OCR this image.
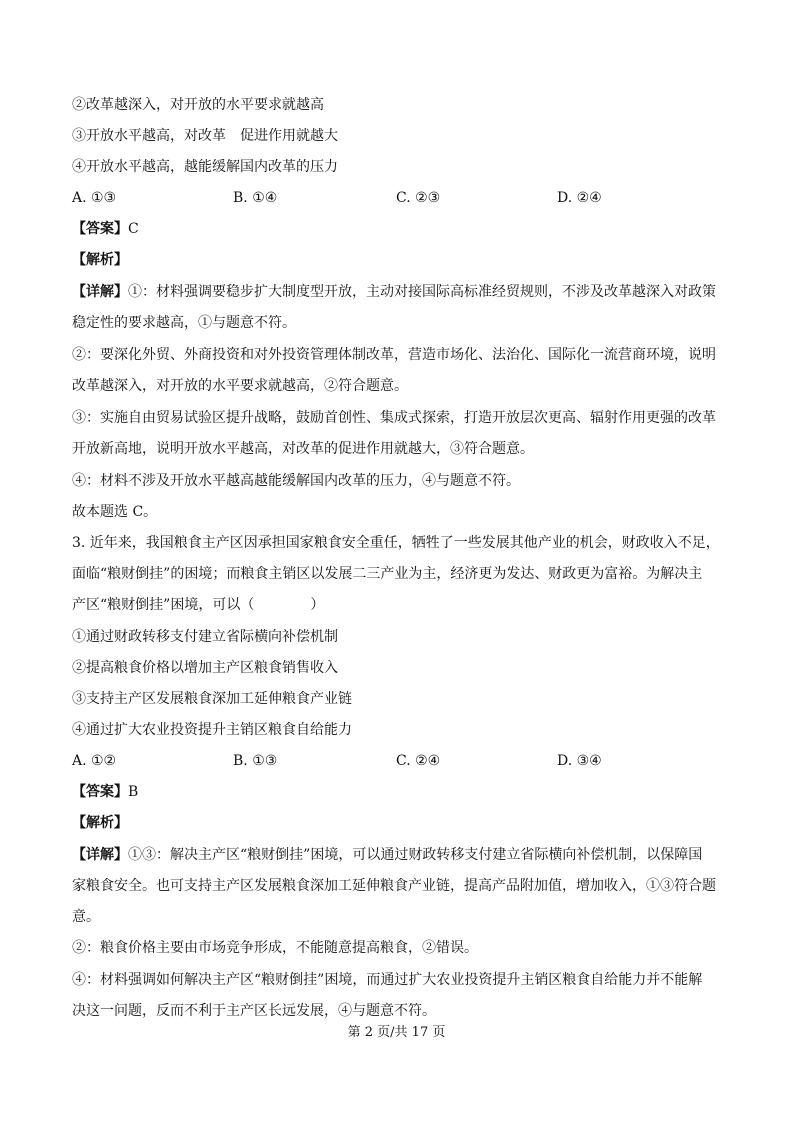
②改革越深入，对开放的水平要求就越高
③开放水平越高，对改革　促进作用就越大
④开放水平越高，越能缓解国内改革的压力
A. ①③	B. ①④	C. ②③	D. ②④
【答案】C
【解析】
【详解】①：材料强调要稳步扩大制度型开放，主动对接国际高标准经贸规则，不涉及改革越深入对政策
稳定性的要求越高，①与题意不符。
②：要深化外贸、外商投资和对外投资管理体制改革，营造市场化、法治化、国际化一流营商环境，说明
改革越深入，对开放的水平要求就越高，②符合题意。
③：实施自由贸易试验区提升战略，鼓励首创性、集成式探索，打造开放层次更高、辐射作用更强的改革
开放新高地，说明开放水平越高，对改革的促进作用就越大，③符合题意。
④：材料不涉及开放水平越高越能缓解国内改革的压力，④与题意不符。
故本题选 C。
3. 近年来，我国粮食主产区因承担国家粮食安全重任，牺牲了一些发展其他产业的机会，财政收入不足，
面临“粮财倒挂”的困境；而粮食主销区以发展二三产业为主，经济更为发达、财政更为富裕。为解决主
产区“粮财倒挂”困境，可以（　　　　）
①通过财政转移支付建立省际横向补偿机制
②提高粮食价格以增加主产区粮食销售收入
③支持主产区发展粮食深加工延伸粮食产业链
④通过扩大农业投资提升主销区粮食自给能力
A. ①②	B. ①③	C. ②④	D. ③④
【答案】B
【解析】
【详解】①③：解决主产区“粮财倒挂”困境，可以通过财政转移支付建立省际横向补偿机制，以保障国
家粮食安全。也可支持主产区发展粮食深加工延伸粮食产业链，提高产品附加值，增加收入，①③符合题
意。
②：粮食价格主要由市场竞争形成，不能随意提高粮食，②错误。
④：材料强调如何解决主产区“粮财倒挂”困境，而通过扩大农业投资提升主销区粮食自给能力并不能解
决这一问题，反而不利于主产区长远发展，④与题意不符。
第 2 页/共 17 页
